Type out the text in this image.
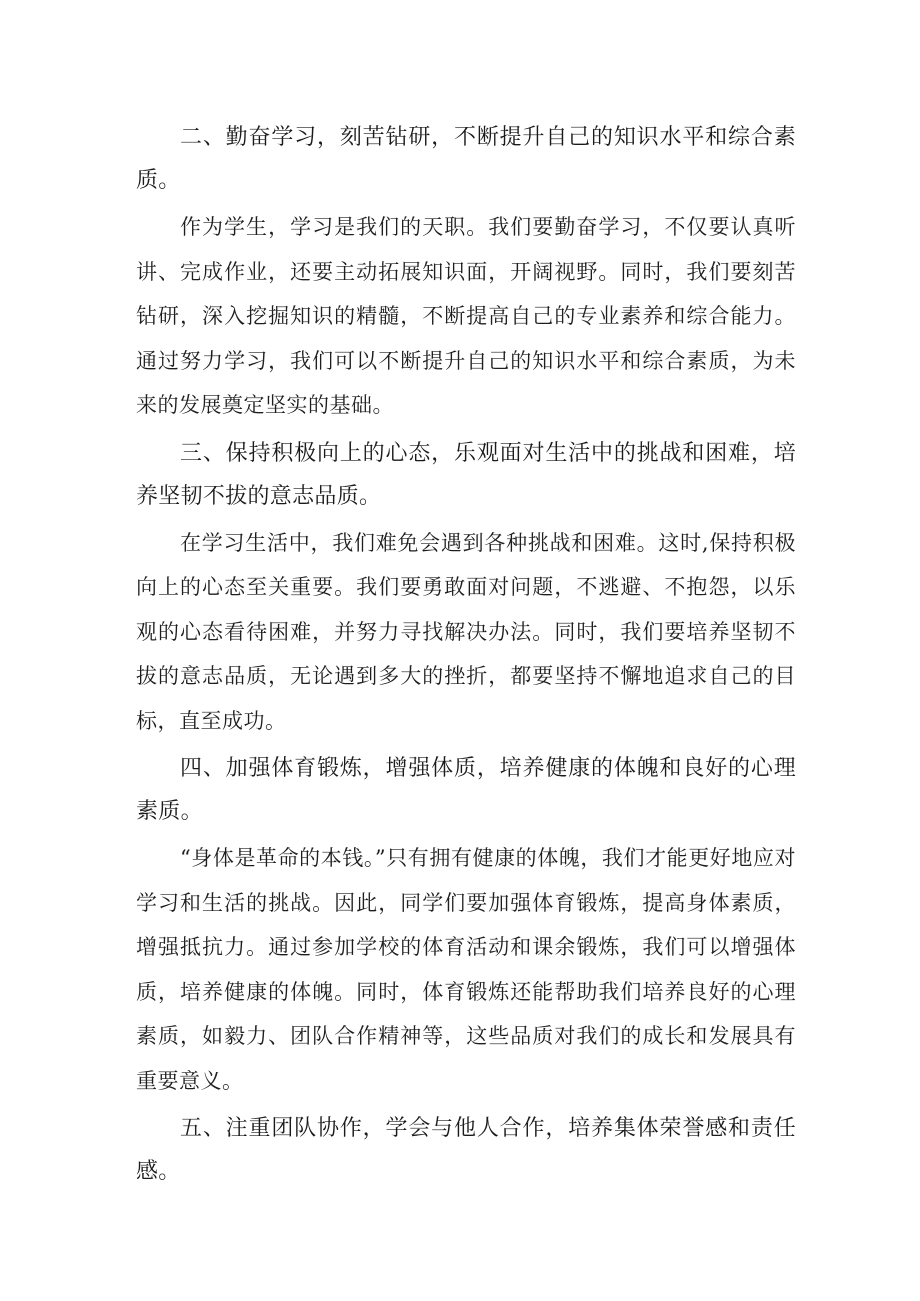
二、勤奋学习，刻苦钻研，不断提升自己的知识水平和综合素质。

作为学生，学习是我们的天职。我们要勤奋学习，不仅要认真听讲、完成作业，还要主动拓展知识面，开阔视野。同时，我们要刻苦钻研，深入挖掘知识的精髓，不断提高自己的专业素养和综合能力。通过努力学习，我们可以不断提升自己的知识水平和综合素质，为未来的发展奠定坚实的基础。

三、保持积极向上的心态，乐观面对生活中的挑战和困难，培养坚韧不拔的意志品质。

在学习生活中，我们难免会遇到各种挑战和困难。这时,保持积极向上的心态至关重要。我们要勇敢面对问题，不逃避、不抱怨，以乐观的心态看待困难，并努力寻找解决办法。同时，我们要培养坚韧不拔的意志品质，无论遇到多大的挫折，都要坚持不懈地追求自己的目标，直至成功。

四、加强体育锻炼，增强体质，培养健康的体魄和良好的心理素质。

“身体是革命的本钱。”只有拥有健康的体魄，我们才能更好地应对学习和生活的挑战。因此，同学们要加强体育锻炼，提高身体素质，增强抵抗力。通过参加学校的体育活动和课余锻炼，我们可以增强体质，培养健康的体魄。同时，体育锻炼还能帮助我们培养良好的心理素质，如毅力、团队合作精神等，这些品质对我们的成长和发展具有重要意义。

五、注重团队协作，学会与他人合作，培养集体荣誉感和责任感。
